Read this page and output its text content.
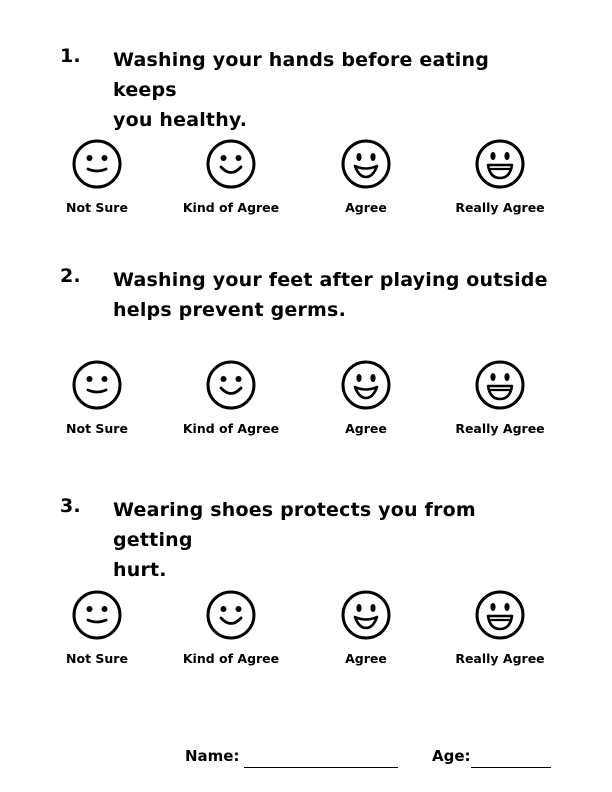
1. Washing your hands before eating keeps
you healthy.
Not Sure	Kind of Agree	Agree	Really Agree
2. Washing your feet after playing outside
helps prevent germs.
Not Sure	Kind of Agree	Agree	Really Agree
3. Wearing shoes protects you from getting
hurt.
Not Sure	Kind of Agree	Agree	Really Agree
Name:	Age:
